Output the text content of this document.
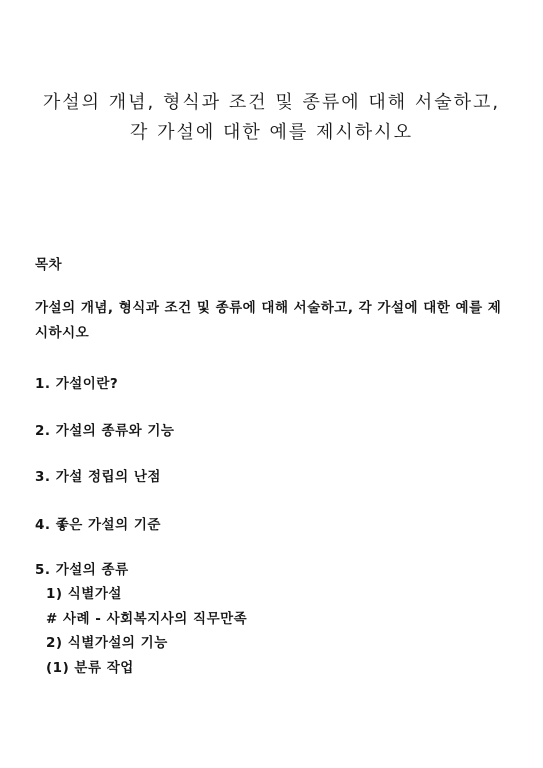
가설의 개념, 형식과 조건 및 종류에 대해 서술하고,
각 가설에 대한 예를 제시하시오
목차
가설의 개념, 형식과 조건 및 종류에 대해 서술하고, 각 가설에 대한 예를 제시하시오
1. 가설이란?
2. 가설의 종류와 기능
3. 가설 정립의 난점
4. 좋은 가설의 기준
5. 가설의 종류
1) 식별가설
# 사례 - 사회복지사의 직무만족
2) 식별가설의 기능
(1) 분류 작업
